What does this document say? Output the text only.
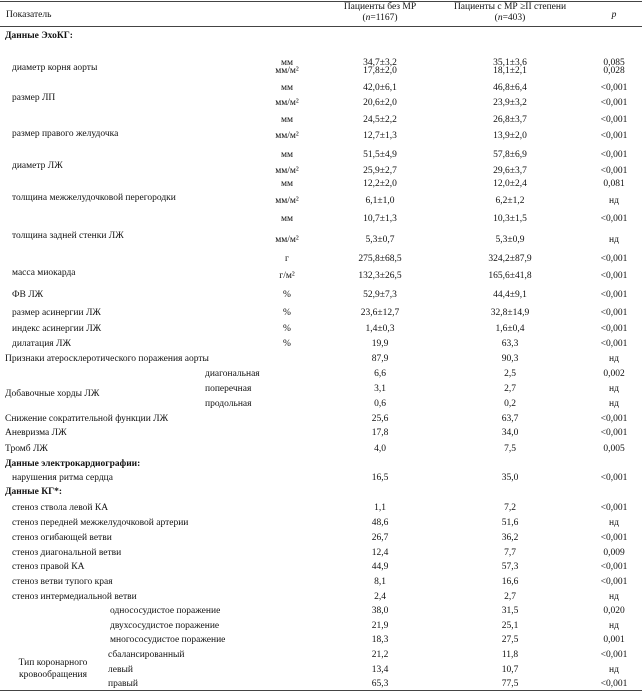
Показатель
Пациенты без МР
(n=1167)
Пациенты с МР ≥II степени
(n=403)	p
Данные ЭхоКГ:
диаметр корня аорты	мм	34,7±3,2	35,1±3,6	0,085
мм/м²	17,8±2,0	18,1±2,1	0,028
размер ЛП
мм	42,0±6,1	46,8±6,4	<0,001
мм/м²	20,6±2,0	23,9±3,2	<0,001
размер правого желудочка
мм	24,5±2,2	26,8±3,7	<0,001
мм/м²	12,7±1,3	13,9±2,0	<0,001
диаметр ЛЖ
мм	51,5±4,9	57,8±6,9	<0,001
мм/м²	25,9±2,7	29,6±3,7	<0,001
толщина межжелудочковой перегородки
мм	12,2±2,0	12,0±2,4	0,081
мм/м²	6,1±1,0	6,2±1,2	нд
толщина задней стенки ЛЖ
мм	10,7±1,3	10,3±1,5	<0,001
мм/м²	5,3±0,7	5,3±0,9	нд
масса миокарда
г	275,8±68,5	324,2±87,9	<0,001
г/м²	132,3±26,5	165,6±41,8	<0,001
ФВ ЛЖ	%	52,9±7,3	44,4±9,1	<0,001
размер асинергии ЛЖ	%	23,6±12,7	32,8±14,9	<0,001
индекс асинергии ЛЖ	%	1,4±0,3	1,6±0,4	<0,001
дилатация ЛЖ	%	19,9	63,3	<0,001
Признаки атеросклеротического поражения аорты	87,9	90,3	нд
диагональная	6,6	2,5	0,002
Добавочные хорды ЛЖ	поперечная	3,1	2,7	нд
продольная	0,6	0,2	нд
Снижение сократительной функции ЛЖ	25,6	63,7	<0,001
Аневризма ЛЖ	17,8	34,0	<0,001
Тромб ЛЖ	4,0	7,5	0,005
Данные электрокардиографии:
нарушения ритма сердца	16,5	35,0	<0,001
Данные КГ*:
стеноз ствола левой КА	1,1	7,2	<0,001
стеноз передней межжелудочковой артерии	48,6	51,6	нд
стеноз огибающей ветви	26,7	36,2	<0,001
стеноз диагональной ветви	12,4	7,7	0,009
стеноз правой КА	44,9	57,3	<0,001
стеноз ветви тупого края	8,1	16,6	<0,001
стеноз интермедиальной ветви	2,4	2,7	нд
однососудистое поражение	38,0	31,5	0,020
двухсосудистое поражение	21,9	25,1	нд
многососудистое поражение	18,3	27,5	0,001
сбалансированный	21,2	11,8	<0,001
Тип коронарного кровообращения	левый	13,4	10,7	нд
правый	65,3	77,5	<0,001
